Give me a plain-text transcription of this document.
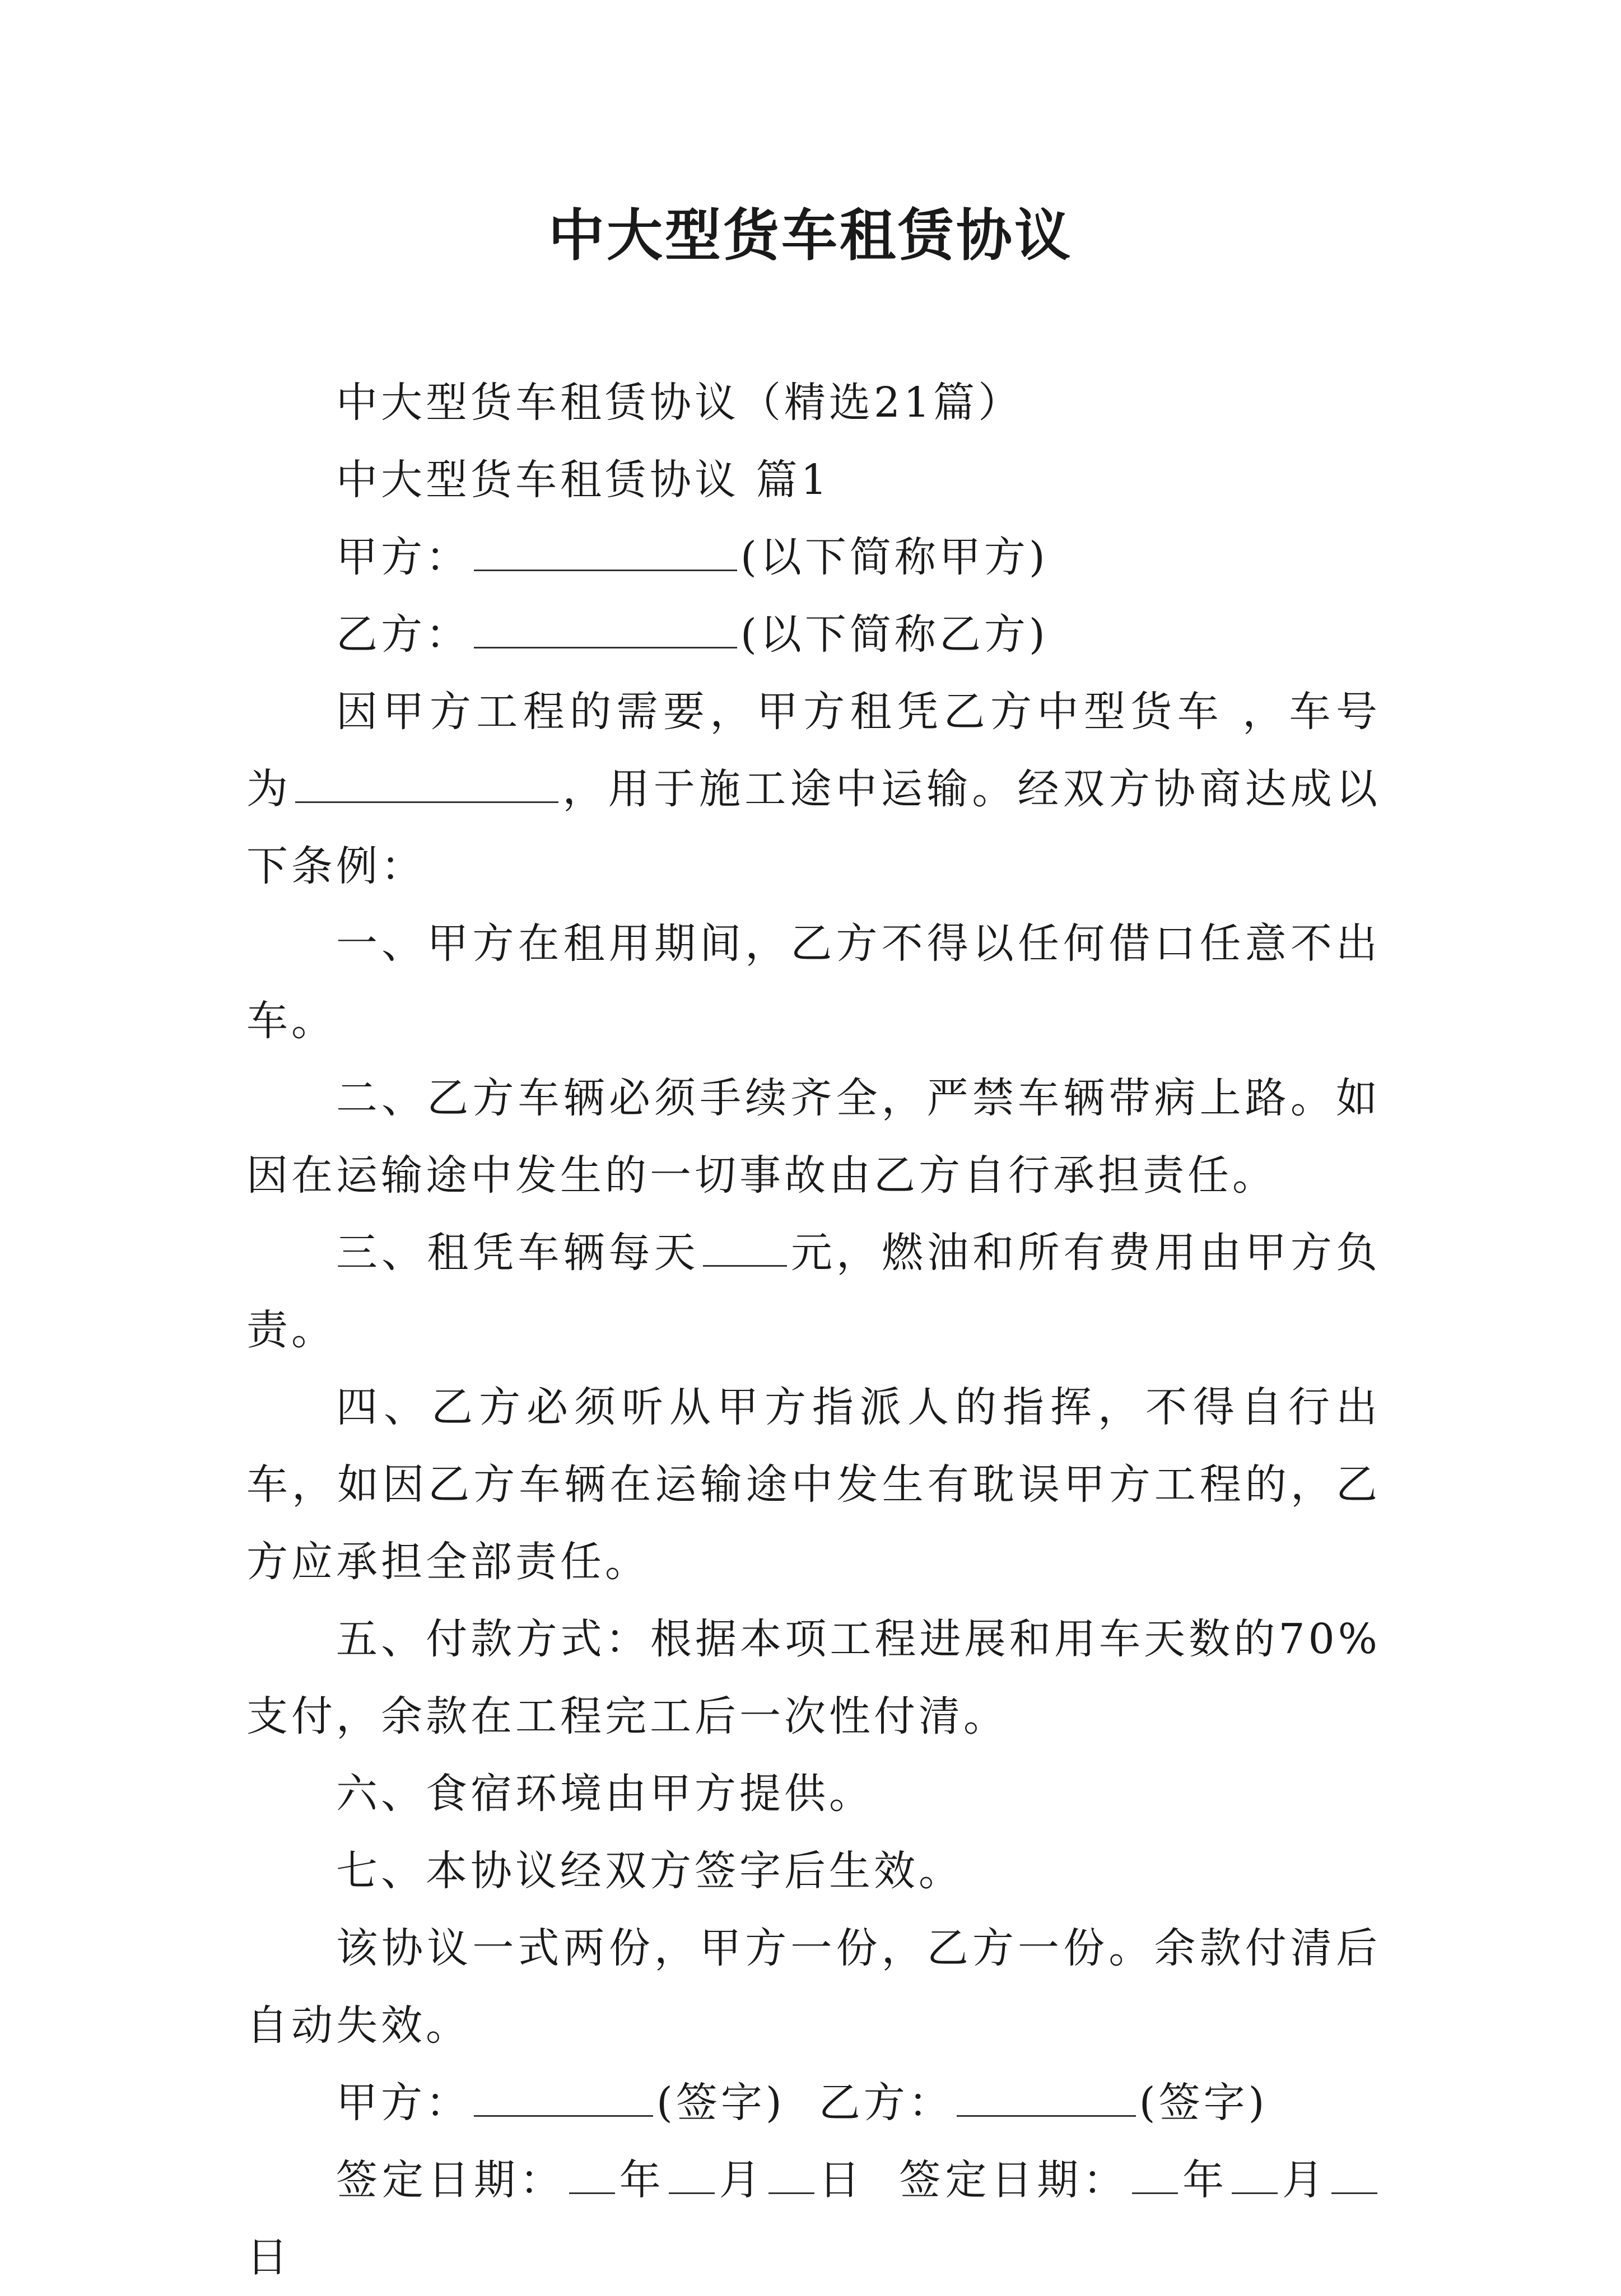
中大型货车租赁协议

中大型货车租赁协议（精选21篇）

中大型货车租赁协议 篇1

甲方：	(以下简称甲方)

乙方：	(以下简称乙方)

因甲方工程的需要，甲方租凭乙方中型货车 ，车号为	，用于施工途中运输。经双方协商达成以下条例：

一、甲方在租用期间，乙方不得以任何借口任意不出车。

二、乙方车辆必须手续齐全，严禁车辆带病上路。如因在运输途中发生的一切事故由乙方自行承担责任。

三、租凭车辆每天 元，燃油和所有费用由甲方负责。

四、乙方必须听从甲方指派人的指挥，不得自行出车，如因乙方车辆在运输途中发生有耽误甲方工程的，乙方应承担全部责任。

五、付款方式：根据本项工程进展和用车天数的70%支付，余款在工程完工后一次性付清。

六、食宿环境由甲方提供。

七、本协议经双方签字后生效。

该协议一式两份，甲方一份，乙方一份。余款付清后自动失效。

甲方：	(签字) 乙方：	(签字)

签定日期： 年 月 日 签定日期： 年 月日
